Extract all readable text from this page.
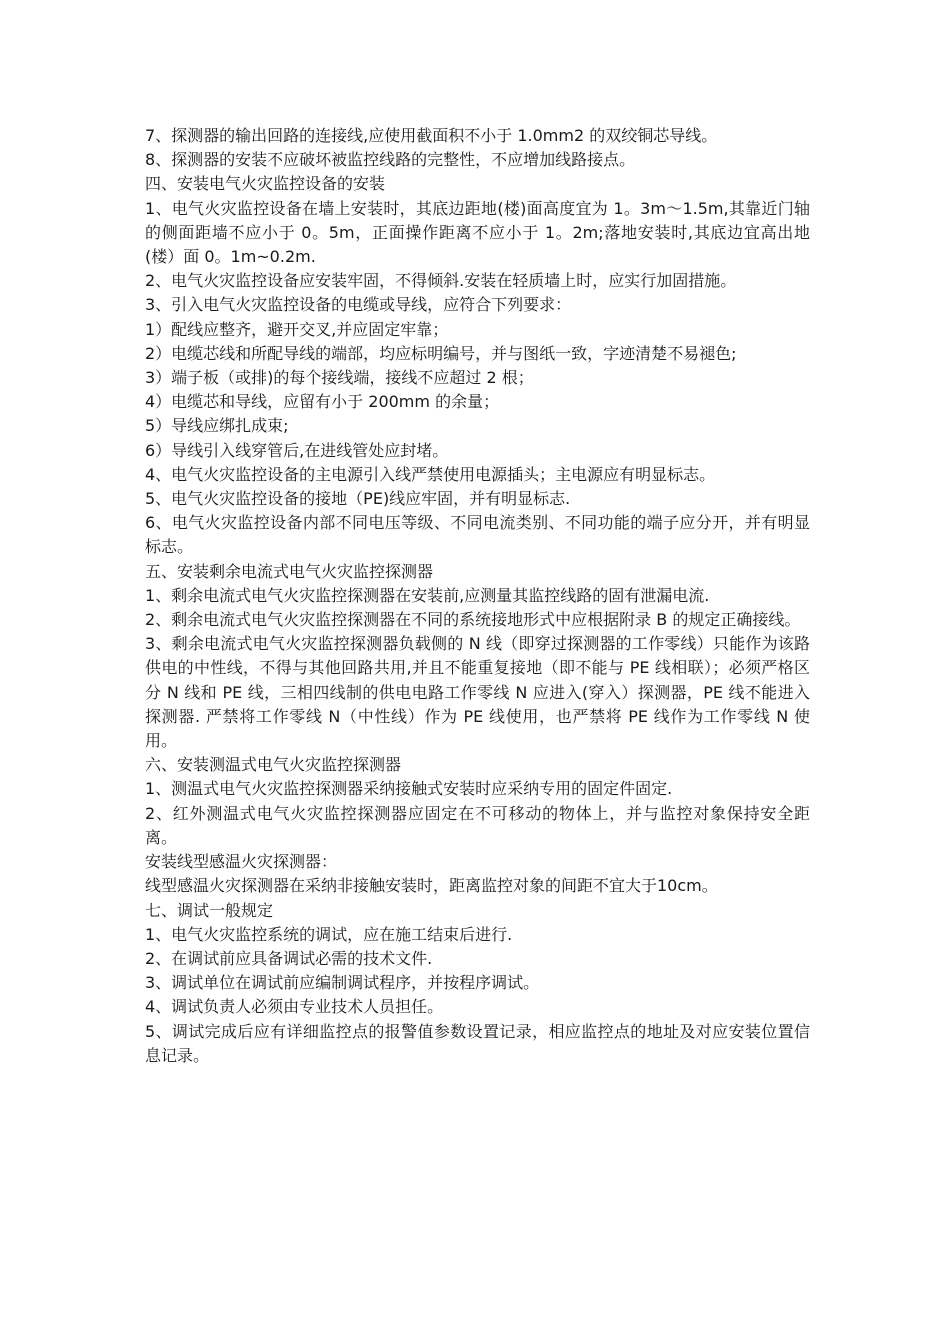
7、探测器的输出回路的连接线,应使用截面积不小于 1.0mm2 的双绞铜芯导线。

8、探测器的安装不应破坏被监控线路的完整性，不应增加线路接点。

四、安装电气火灾监控设备的安装

1、电气火灾监控设备在墙上安装时，其底边距地(楼)面高度宜为 1。3m～1.5m,其靠近门轴的侧面距墙不应小于 0。5m，正面操作距离不应小于 1。2m;落地安装时,其底边宜高出地(楼）面 0。1m~0.2m.

2、电气火灾监控设备应安装牢固，不得倾斜.安装在轻质墙上时，应实行加固措施。

3、引入电气火灾监控设备的电缆或导线，应符合下列要求：

1）配线应整齐，避开交叉,并应固定牢靠；

2）电缆芯线和所配导线的端部，均应标明编号，并与图纸一致，字迹清楚不易褪色;

3）端子板（或排)的每个接线端，接线不应超过 2 根；

4）电缆芯和导线，应留有小于 200mm 的余量；

5）导线应绑扎成束;

6）导线引入线穿管后,在进线管处应封堵。

4、电气火灾监控设备的主电源引入线严禁使用电源插头；主电源应有明显标志。

5、电气火灾监控设备的接地（PE)线应牢固，并有明显标志.

6、电气火灾监控设备内部不同电压等级、不同电流类别、不同功能的端子应分开，并有明显标志。

五、安装剩余电流式电气火灾监控探测器

1、剩余电流式电气火灾监控探测器在安装前,应测量其监控线路的固有泄漏电流.

2、剩余电流式电气火灾监控探测器在不同的系统接地形式中应根据附录 B 的规定正确接线。

3、剩余电流式电气火灾监控探测器负载侧的 N 线（即穿过探测器的工作零线）只能作为该路供电的中性线，不得与其他回路共用,并且不能重复接地（即不能与 PE 线相联）；必须严格区分 N 线和 PE 线，三相四线制的供电电路工作零线 N 应进入(穿入）探测器，PE 线不能进入探测器. 严禁将工作零线 N（中性线）作为 PE 线使用，也严禁将 PE 线作为工作零线 N 使用。

六、安装测温式电气火灾监控探测器

1、测温式电气火灾监控探测器采纳接触式安装时应采纳专用的固定件固定.

2、红外测温式电气火灾监控探测器应固定在不可移动的物体上，并与监控对象保持安全距离。

安装线型感温火灾探测器：

线型感温火灾探测器在采纳非接触安装时，距离监控对象的间距不宜大于10cm。

七、调试一般规定

1、电气火灾监控系统的调试，应在施工结束后进行.

2、在调试前应具备调试必需的技术文件.

3、调试单位在调试前应编制调试程序，并按程序调试。

4、调试负责人必须由专业技术人员担任。

5、调试完成后应有详细监控点的报警值参数设置记录，相应监控点的地址及对应安装位置信息记录。
